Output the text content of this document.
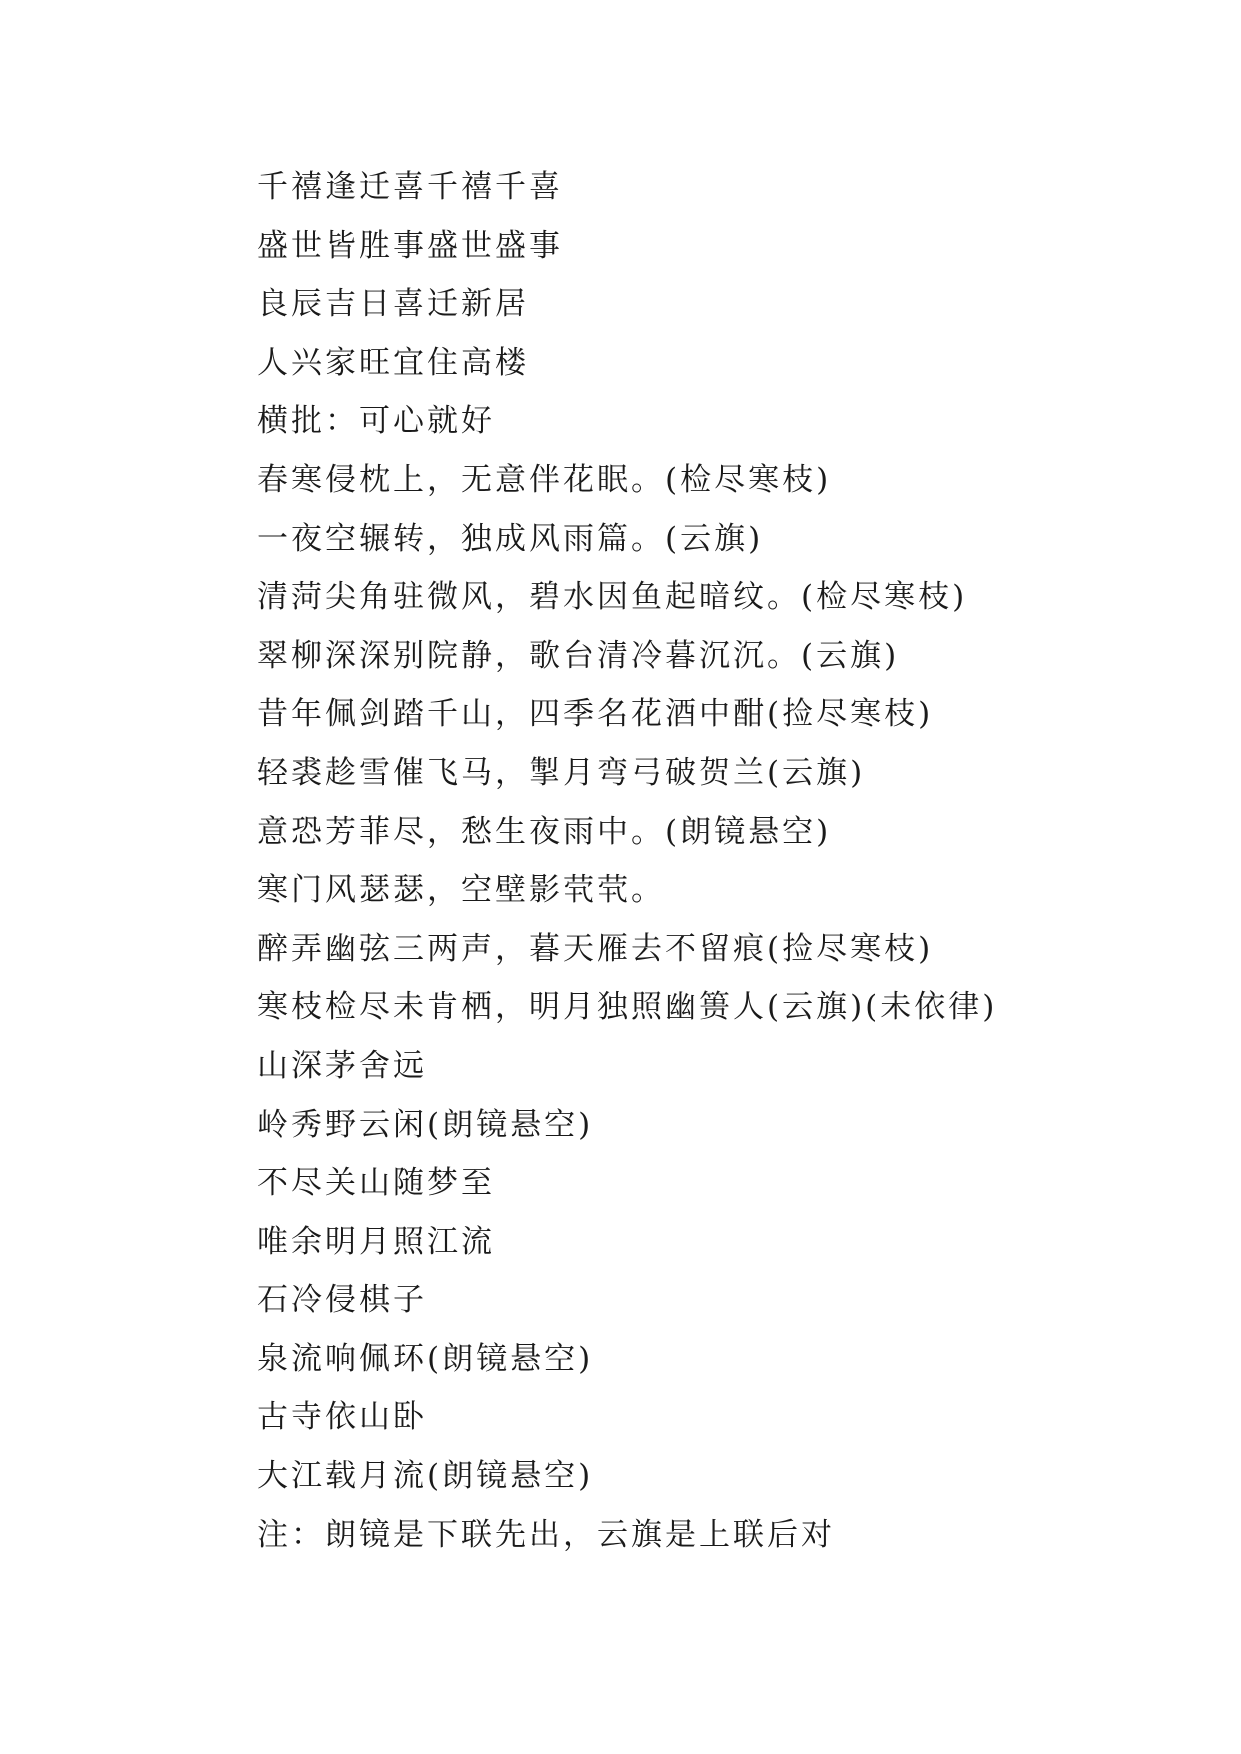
千禧逢迁喜千禧千喜
盛世皆胜事盛世盛事
良辰吉日喜迁新居
人兴家旺宜住高楼
横批：可心就好
春寒侵枕上，无意伴花眠。(检尽寒枝)
一夜空辗转，独成风雨篇。(云旗)
清菏尖角驻微风，碧水因鱼起暗纹。(检尽寒枝)
翠柳深深别院静，歌台清冷暮沉沉。(云旗)
昔年佩剑踏千山，四季名花酒中酣(捡尽寒枝)
轻裘趁雪催飞马，掣月弯弓破贺兰(云旗)
意恐芳菲尽，愁生夜雨中。(朗镜悬空)
寒门风瑟瑟，空壁影茕茕。
醉弄幽弦三两声，暮天雁去不留痕(捡尽寒枝)
寒枝检尽未肯栖，明月独照幽篑人(云旗)(未依律)
山深茅舍远
岭秀野云闲(朗镜悬空)
不尽关山随梦至
唯余明月照江流
石冷侵棋子
泉流响佩环(朗镜悬空)
古寺依山卧
大江载月流(朗镜悬空)
注：朗镜是下联先出，云旗是上联后对
